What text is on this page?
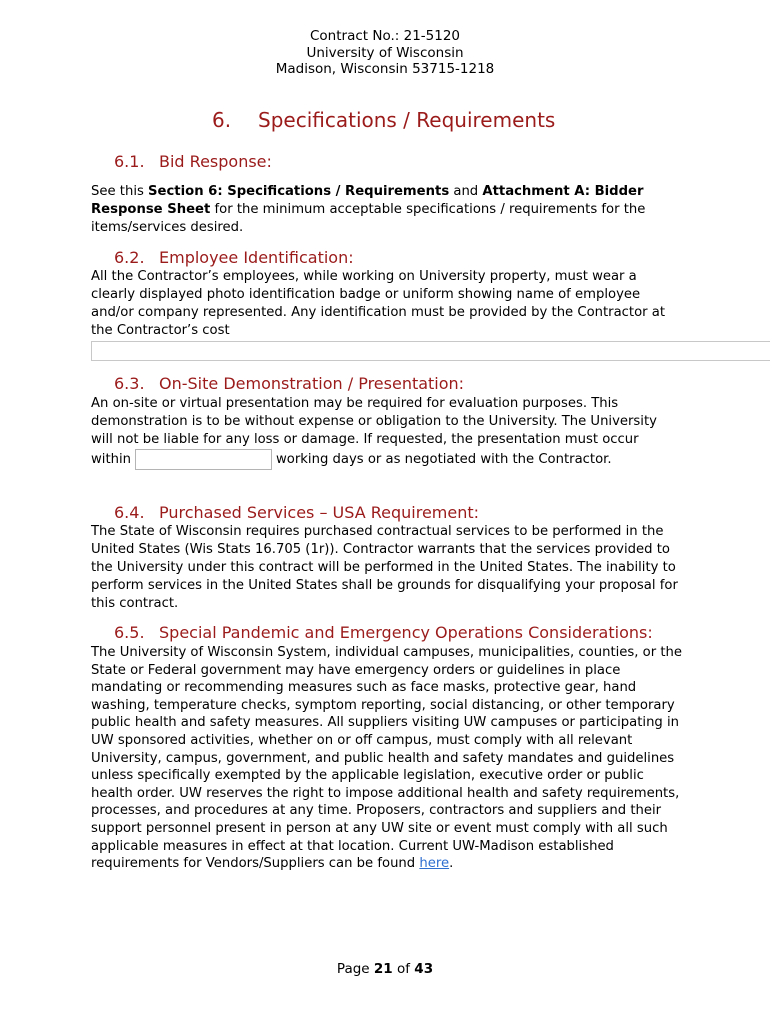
Contract No.: 21-5120
University of Wisconsin
Madison, Wisconsin 53715-1218
6. Specifications / Requirements
6.1. Bid Response:
See this Section 6: Specifications / Requirements and Attachment A: Bidder Response Sheet for the minimum acceptable specifications / requirements for the items/services desired.
6.2. Employee Identification:
All the Contractor’s employees, while working on University property, must wear a clearly displayed photo identification badge or uniform showing name of employee and/or company represented. Any identification must be provided by the Contractor at the Contractor’s cost
6.3. On-Site Demonstration / Presentation:
An on-site or virtual presentation may be required for evaluation purposes. This demonstration is to be without expense or obligation to the University. The University will not be liable for any loss or damage. If requested, the presentation must occur within	working days or as negotiated with the Contractor.
6.4. Purchased Services – USA Requirement:
The State of Wisconsin requires purchased contractual services to be performed in the United States (Wis Stats 16.705 (1r)). Contractor warrants that the services provided to the University under this contract will be performed in the United States. The inability to perform services in the United States shall be grounds for disqualifying your proposal for this contract.
6.5. Special Pandemic and Emergency Operations Considerations:
The University of Wisconsin System, individual campuses, municipalities, counties, or the State or Federal government may have emergency orders or guidelines in place mandating or recommending measures such as face masks, protective gear, hand washing, temperature checks, symptom reporting, social distancing, or other temporary public health and safety measures. All suppliers visiting UW campuses or participating in UW sponsored activities, whether on or off campus, must comply with all relevant University, campus, government, and public health and safety mandates and guidelines unless specifically exempted by the applicable legislation, executive order or public health order. UW reserves the right to impose additional health and safety requirements, processes, and procedures at any time. Proposers, contractors and suppliers and their support personnel present in person at any UW site or event must comply with all such applicable measures in effect at that location. Current UW-Madison established requirements for Vendors/Suppliers can be found here.
Page 21 of 43
